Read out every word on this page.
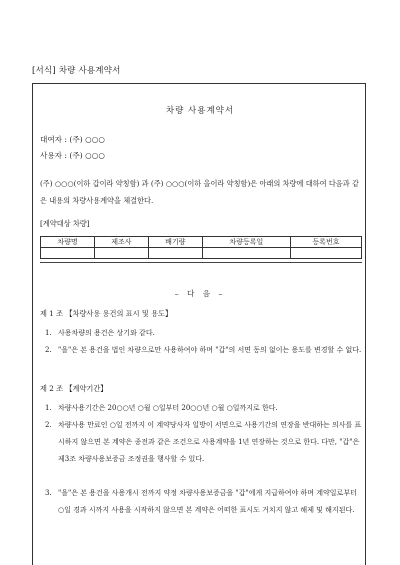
[서식] 차량 사용계약서
차량 사용계약서
대여자 : (주) ○○○
사용자 : (주) ○○○
(주) ○○○(이하 갑이라 약칭함) 과 (주) ○○○(이하 을이라 약칭함)은 아래의 차량에 대하여 다음과 같은 내용의 차량사용계약을 체결한다.
[계약대상 차량]
차량명	제조사	배기량	차량등록일	등록번호

– 다 음 –
제 1 조 【차량사용 용건의 표시 및 용도】
1. 사용차량의 용건은 상기와 같다.
2. "을"은 본 용건을 법인 차량으로만 사용하여야 하며 "갑"의 서면 동의 없이는 용도를 변경할 수 없다.
제 2 조 【계약기간】
1. 차량사용기간은 20○○년 ○월 ○일부터 20○○년 ○월 ○일까지로 한다.
2. 차량사용 만료인 ○일 전까지 이 계약당사자 일방이 서면으로 사용기간의 연장을 반대하는 의사를 표시하지 않으면 본 계약은 종전과 같은 조건으로 사용계약을 1년 연장하는 것으로 한다. 다만, "갑"은 제3조 차량사용보증금 조정권을 행사할 수 있다.
3. "을"은 본 용건을 사용개시 전까지 약정 차량사용보증금을 "갑"에게 지급하여야 하며 계약일로부터 ○일 경과 시까지 사용을 시작하지 않으면 본 계약은 어떠한 표시도 거치지 않고 해제 및 해지된다.
